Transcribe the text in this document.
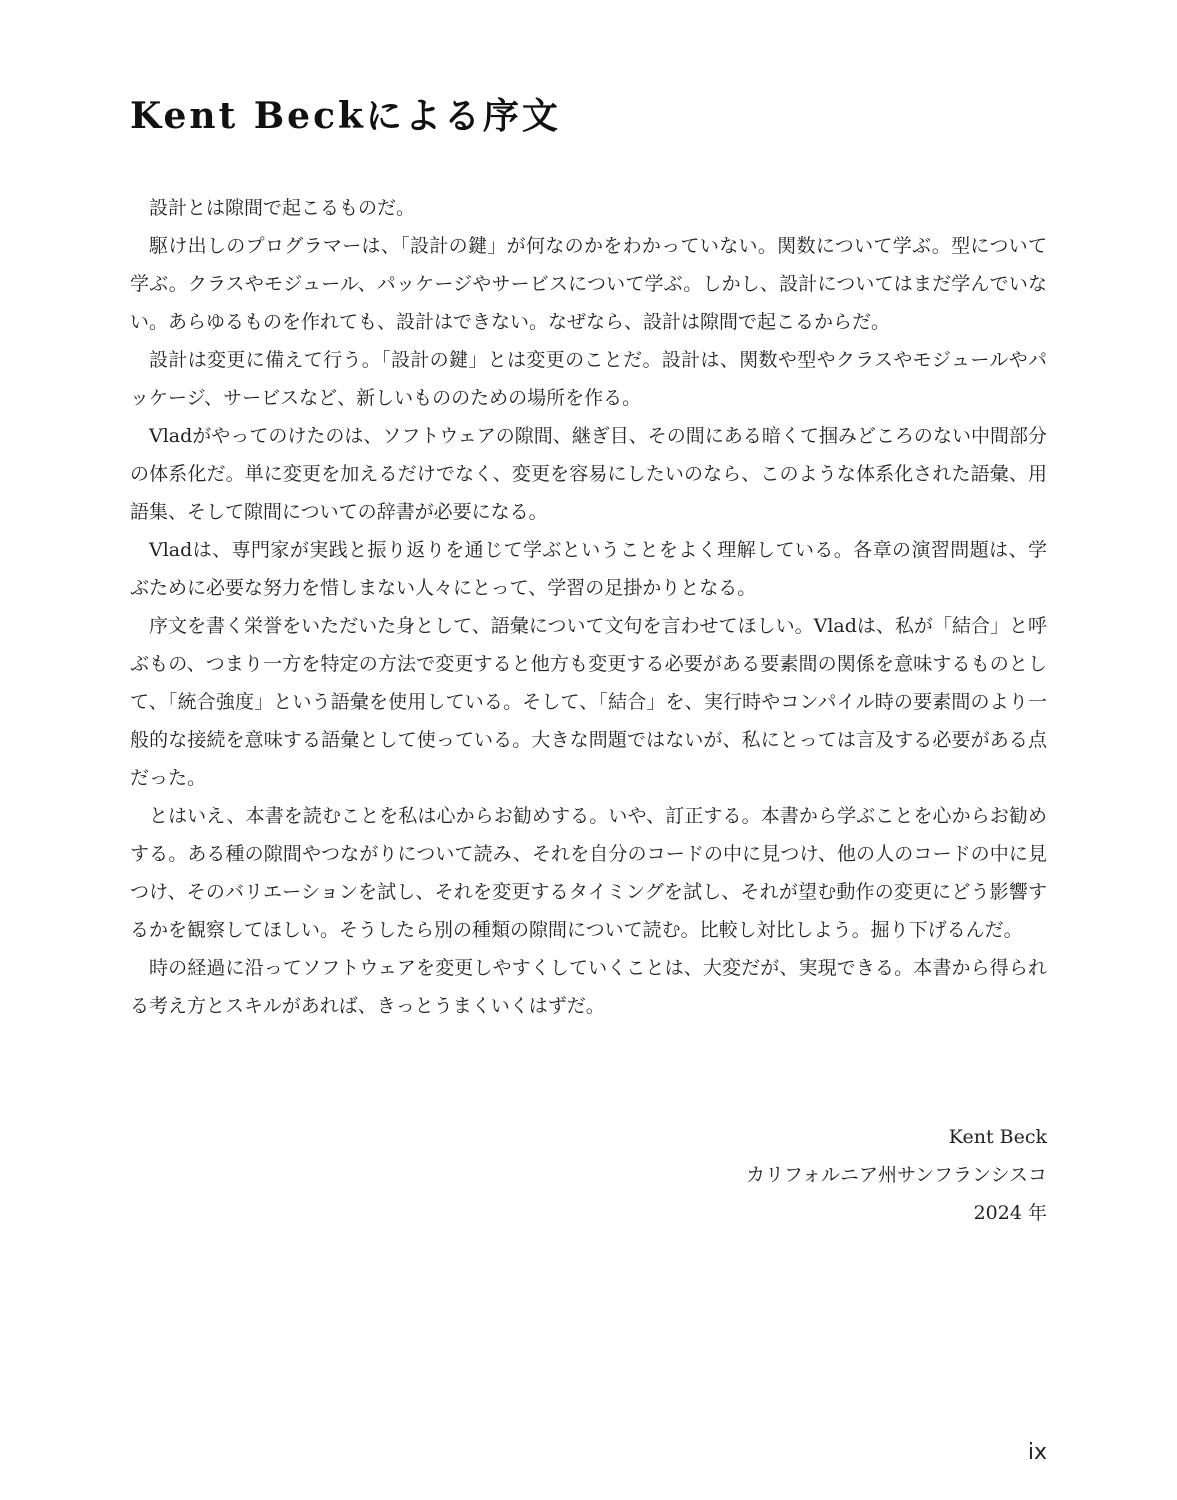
Kent Beckによる序文

設計とは隙間で起こるものだ。

駆け出しのプログラマーは、「設計の鍵」が何なのかをわかっていない。関数について学ぶ。型について学ぶ。クラスやモジュール、パッケージやサービスについて学ぶ。しかし、設計についてはまだ学んでいない。あらゆるものを作れても、設計はできない。なぜなら、設計は隙間で起こるからだ。

設計は変更に備えて行う。「設計の鍵」とは変更のことだ。設計は、関数や型やクラスやモジュールやパッケージ、サービスなど、新しいもののための場所を作る。

Vladがやってのけたのは、ソフトウェアの隙間、継ぎ目、その間にある暗くて掴みどころのない中間部分の体系化だ。単に変更を加えるだけでなく、変更を容易にしたいのなら、このような体系化された語彙、用語集、そして隙間についての辞書が必要になる。

Vladは、専門家が実践と振り返りを通じて学ぶということをよく理解している。各章の演習問題は、学ぶために必要な努力を惜しまない人々にとって、学習の足掛かりとなる。

序文を書く栄誉をいただいた身として、語彙について文句を言わせてほしい。Vladは、私が「結合」と呼ぶもの、つまり一方を特定の方法で変更すると他方も変更する必要がある要素間の関係を意味するものとして、「統合強度」という語彙を使用している。そして、「結合」を、実行時やコンパイル時の要素間のより一般的な接続を意味する語彙として使っている。大きな問題ではないが、私にとっては言及する必要がある点だった。

とはいえ、本書を読むことを私は心からお勧めする。いや、訂正する。本書から学ぶことを心からお勧めする。ある種の隙間やつながりについて読み、それを自分のコードの中に見つけ、他の人のコードの中に見つけ、そのバリエーションを試し、それを変更するタイミングを試し、それが望む動作の変更にどう影響するかを観察してほしい。そうしたら別の種類の隙間について読む。比較し対比しよう。掘り下げるんだ。

時の経過に沿ってソフトウェアを変更しやすくしていくことは、大変だが、実現できる。本書から得られる考え方とスキルがあれば、きっとうまくいくはずだ。

Kent Beck
カリフォルニア州サンフランシスコ
2024 年
ix
